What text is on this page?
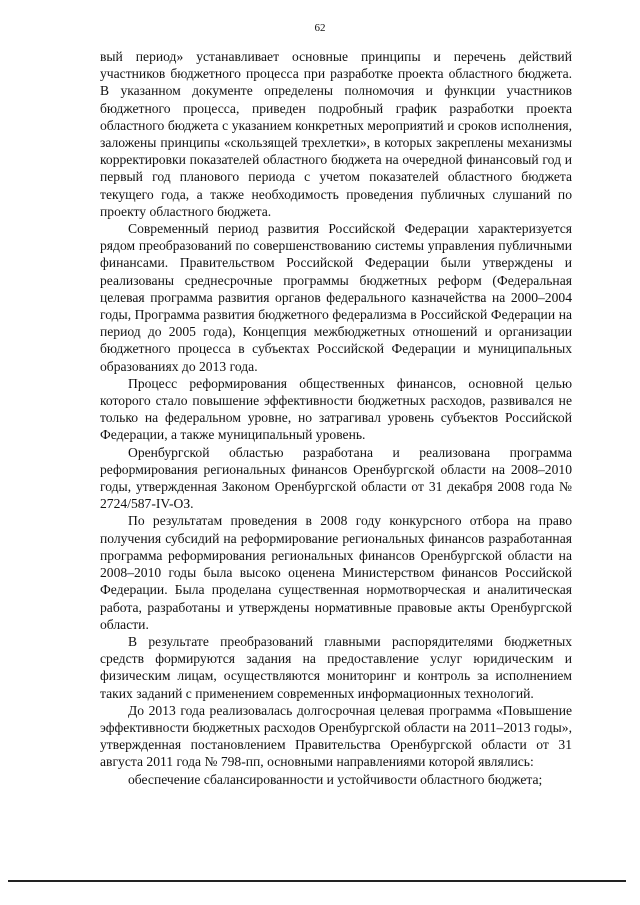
62

вый период» устанавливает основные принципы и перечень действий участников бюджетного процесса при разработке проекта областного бюджета. В указанном документе определены полномочия и функции участников бюджетного процесса, приведен подробный график разработки проекта областного бюджета с указанием конкретных мероприятий и сроков исполнения, заложены принципы «скользящей трехлетки», в которых закреплены механизмы корректировки показателей областного бюджета на очередной финансовый год и первый год планового периода с учетом показателей областного бюджета текущего года, а также необходимость проведения публичных слушаний по проекту областного бюджета.

Современный период развития Российской Федерации характеризуется рядом преобразований по совершенствованию системы управления публичными финансами. Правительством Российской Федерации были утверждены и реализованы среднесрочные программы бюджетных реформ (Федеральная целевая программа развития органов федерального казначейства на 2000–2004 годы, Программа развития бюджетного федерализма в Российской Федерации на период до 2005 года), Концепция межбюджетных отношений и организации бюджетного процесса в субъектах Российской Федерации и муниципальных образованиях до 2013 года.

Процесс реформирования общественных финансов, основной целью которого стало повышение эффективности бюджетных расходов, развивался не только на федеральном уровне, но затрагивал уровень субъектов Российской Федерации, а также муниципальный уровень.

Оренбургской областью разработана и реализована программа реформирования региональных финансов Оренбургской области на 2008–2010 годы, утвержденная Законом Оренбургской области от 31 декабря 2008 года № 2724/587-IV-ОЗ.

По результатам проведения в 2008 году конкурсного отбора на право получения субсидий на реформирование региональных финансов разработанная программа реформирования региональных финансов Оренбургской области на 2008–2010 годы была высоко оценена Министерством финансов Российской Федерации. Была проделана существенная нормотворческая и аналитическая работа, разработаны и утверждены нормативные правовые акты Оренбургской области.

В результате преобразований главными распорядителями бюджетных средств формируются задания на предоставление услуг юридическим и физическим лицам, осуществляются мониторинг и контроль за исполнением таких заданий с применением современных информационных технологий.

До 2013 года реализовалась долгосрочная целевая программа «Повышение эффективности бюджетных расходов Оренбургской области на 2011–2013 годы», утвержденная постановлением Правительства Оренбургской области от 31 августа 2011 года № 798-пп, основными направлениями которой являлись:

обеспечение сбалансированности и устойчивости областного бюджета;
